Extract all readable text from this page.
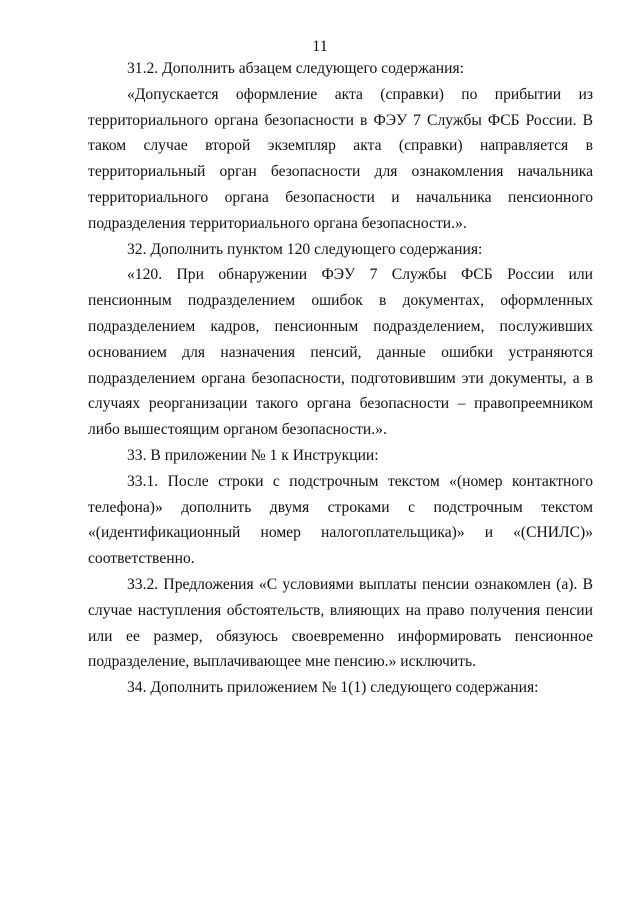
11

31.2. Дополнить абзацем следующего содержания:

«Допускается оформление акта (справки) по прибытии из территориального органа безопасности в ФЭУ 7 Службы ФСБ России. В таком случае второй экземпляр акта (справки) направляется в территориальный орган безопасности для ознакомления начальника территориального органа безопасности и начальника пенсионного подразделения территориального органа безопасности.».

32. Дополнить пунктом 120 следующего содержания:

«120. При обнаружении ФЭУ 7 Службы ФСБ России или пенсионным подразделением ошибок в документах, оформленных подразделением кадров, пенсионным подразделением, послуживших основанием для назначения пенсий, данные ошибки устраняются подразделением органа безопасности, подготовившим эти документы, а в случаях реорганизации такого органа безопасности – правопреемником либо вышестоящим органом безопасности.».

33. В приложении № 1 к Инструкции:

33.1. После строки с подстрочным текстом «(номер контактного телефона)» дополнить двумя строками с подстрочным текстом «(идентификационный номер налогоплательщика)» и «(СНИЛС)» соответственно.

33.2. Предложения «С условиями выплаты пенсии ознакомлен (а). В случае наступления обстоятельств, влияющих на право получения пенсии или ее размер, обязуюсь своевременно информировать пенсионное подразделение, выплачивающее мне пенсию.» исключить.

34. Дополнить приложением № 1(1) следующего содержания:
